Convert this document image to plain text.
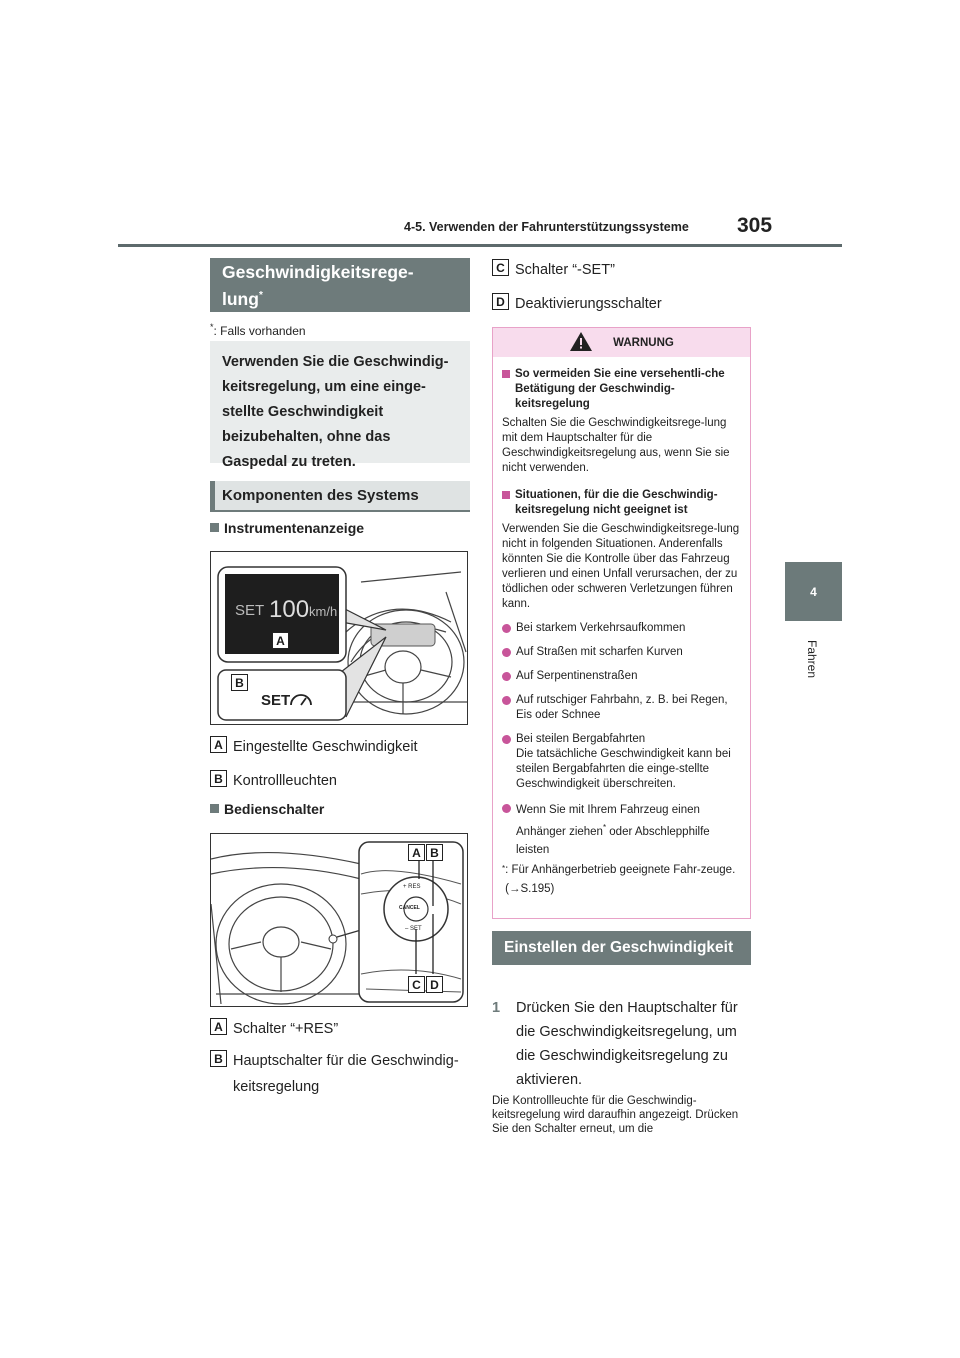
4-5. Verwenden der Fahrunterstützungssysteme 305
4
Fahren
Geschwindigkeitsrege-
lung*
*: Falls vorhanden
Verwenden Sie die Geschwindig-keitsregelung, um eine einge-stellte Geschwindigkeit beizubehalten, ohne das Gaspedal zu treten.
Komponenten des Systems
Instrumentenanzeige
SET 100 km/h
A
B
SET
A Eingestellte Geschwindigkeit
B Kontrollleuchten
Bedienschalter
A B
C D
+ RES
CANCEL
– SET
A Schalter “+RES”
B Hauptschalter für die Geschwindig-
keitsregelung
C Schalter “-SET”
D Deaktivierungsschalter
WARNUNG
So vermeiden Sie eine versehentli-che Betätigung der Geschwindig-keitsregelung
Schalten Sie die Geschwindigkeitsrege-lung mit dem Hauptschalter für die Geschwindigkeitsregelung aus, wenn Sie sie nicht verwenden.
Situationen, für die die Geschwindig-keitsregelung nicht geeignet ist
Verwenden Sie die Geschwindigkeitsrege-lung nicht in folgenden Situationen. Anderenfalls könnten Sie die Kontrolle über das Fahrzeug verlieren und einen Unfall verursachen, der zu tödlichen oder schweren Verletzungen führen kann.
Bei starkem Verkehrsaufkommen
Auf Straßen mit scharfen Kurven
Auf Serpentinenstraßen
Auf rutschiger Fahrbahn, z. B. bei Regen, Eis oder Schnee
Bei steilen Bergabfahrten
Die tatsächliche Geschwindigkeit kann bei steilen Bergabfahrten die einge-stellte Geschwindigkeit überschreiten.
Wenn Sie mit Ihrem Fahrzeug einen Anhänger ziehen* oder Abschlepphilfe leisten
* : Für Anhängerbetrieb geeignete Fahr-zeuge. (→S.195)
Einstellen der Geschwindigkeit
1	Drücken Sie den Hauptschalter für die Geschwindigkeitsregelung, um die Geschwindigkeitsregelung zu aktivieren.
Die Kontrollleuchte für die Geschwindig-keitsregelung wird daraufhin angezeigt. Drücken Sie den Schalter erneut, um die
